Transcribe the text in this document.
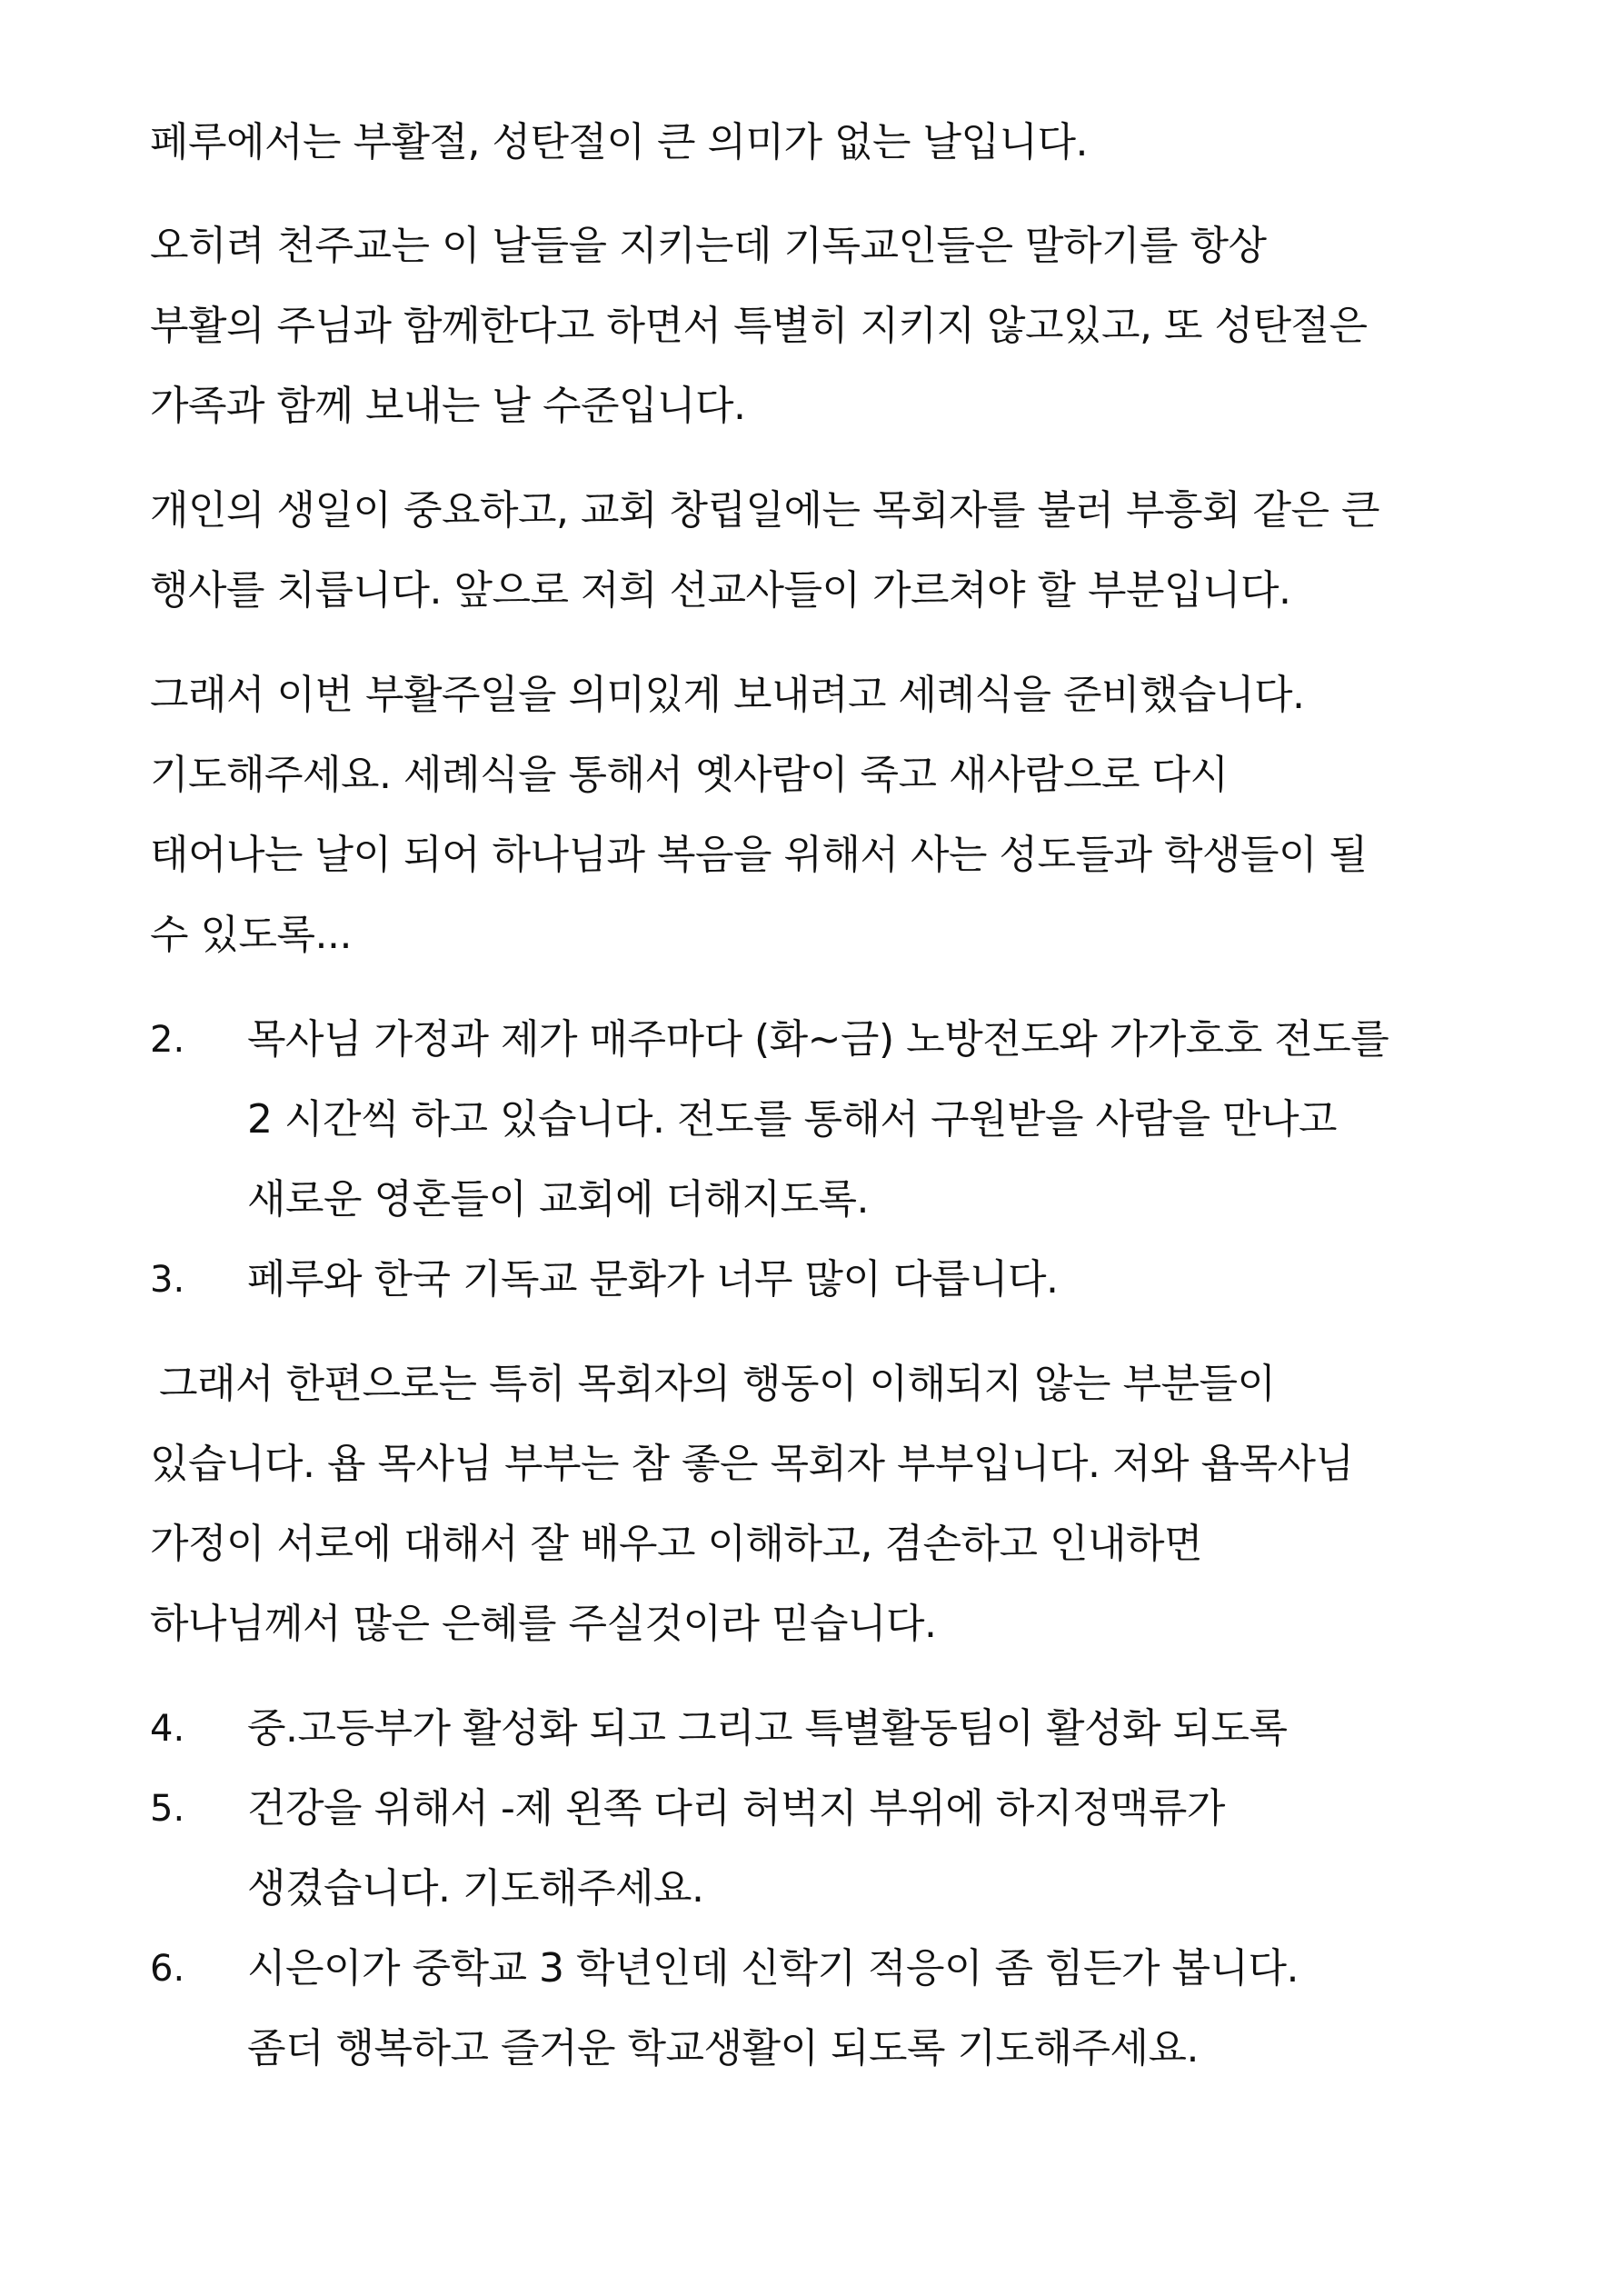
페루에서는 부활절, 성탄절이 큰 의미가 없는 날입니다.
오히려 천주교는 이 날들을 지키는데 기독교인들은 말하기를 항상
부활의 주님과 함께한다고 하면서 특별히 지키지 않고있고, 또 성탄절은
가족과 함께 보내는 날 수준입니다.
개인의 생일이 중요하고, 교회 창립일에는 목회자를 불러 부흥회 같은 큰
행사를 치릅니다. 앞으로 저희 선교사들이 가르쳐야 할 부분입니다.
그래서 이번 부활주일을 의미있게 보내려고 세례식을 준비했습니다.
기도해주세요. 세례식을 통해서 옛사람이 죽고 새사람으로 다시
태어나는 날이 되어 하나님과 복음을 위해서 사는 성도들과 학생들이 될
수 있도록...
2. 목사님 가정과 제가 매주마다 (화~금) 노방전도와 가가호호 전도를
2 시간씩 하고 있습니다. 전도를 통해서 구원받을 사람을 만나고
새로운 영혼들이 교회에 더해지도록.
3. 페루와 한국 기독교 문화가 너무 많이 다릅니다.
그래서 한편으로는 특히 목회자의 행동이 이해되지 않는 부분들이
있습니다. 욥 목사님 부부는 참 좋은 목회자 부부입니다. 저와 욥목사님
가정이 서로에 대해서 잘 배우고 이해하고, 겸손하고 인내하면
하나님께서 많은 은혜를 주실것이라 믿습니다.
4. 중.고등부가 활성화 되고 그리고 특별활동팀이 활성화 되도록
5. 건강을 위해서 -제 왼쪽 다리 허벅지 부위에 하지정맥류가
생겼습니다. 기도해주세요.
6. 시은이가 중학교 3 학년인데 신학기 적응이 좀 힘든가 봅니다.
좀더 행복하고 즐거운 학교생활이 되도록 기도해주세요.
